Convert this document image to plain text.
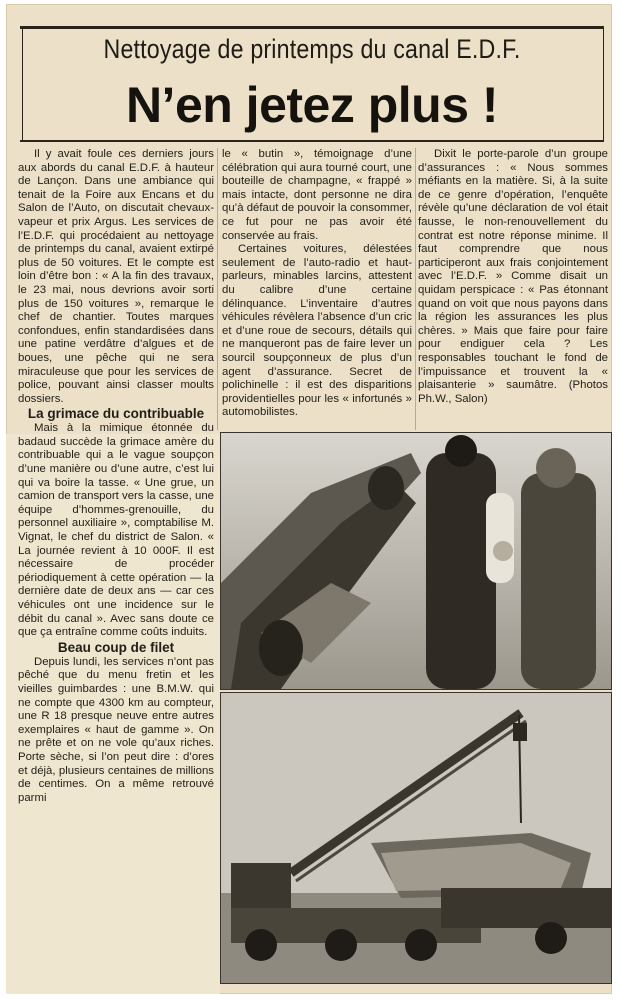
Nettoyage de printemps du canal E.D.F.
N’en jetez plus !

Il y avait foule ces derniers jours aux abords du canal E.D.F. à hauteur de Lançon. Dans une ambiance qui tenait de la Foire aux Encans et du Salon de l’Auto, on discutait chevaux-vapeur et prix Argus. Les services de l’E.D.F. qui procédaient au nettoyage de printemps du canal, avaient extirpé plus de 50 voitures. Et le compte est loin d’être bon : « A la fin des travaux, le 23 mai, nous devrions avoir sorti plus de 150 voitures », remarque le chef de chantier. Toutes marques confondues, enfin standardisées dans une patine verdâtre d’algues et de boues, une pêche qui ne sera miraculeuse que pour les services de police, pouvant ainsi classer moults dossiers.

La grimace du contribuable

Mais à la mimique étonnée du badaud succède la grimace amère du contribuable qui a le vague soupçon d’une manière ou d’une autre, c’est lui qui va boire la tasse. « Une grue, un camion de transport vers la casse, une équipe d’hommes-grenouille, du personnel auxiliaire », comptabilise M. Vignat, le chef du district de Salon. « La journée revient à 10 000F. Il est nécessaire de procéder périodiquement à cette opération — la dernière date de deux ans — car ces véhicules ont une incidence sur le débit du canal ». Avec sans doute ce que ça entraîne comme coûts induits.

Beau coup de filet

Depuis lundi, les services n’ont pas pêché que du menu fretin et les vieilles guimbardes : une B.M.W. qui ne compte que 4300 km au compteur, une R 18 presque neuve entre autres exemplaires « haut de gamme ». On ne prête et on ne vole qu’aux riches. Porte sèche, si l’on peut dire : d’ores et déjà, plusieurs centaines de millions de centimes. On a même retrouvé parmi

le « butin », témoignage d’une célébration qui aura tourné court, une bouteille de champagne, « frappé » mais intacte, dont personne ne dira qu’à défaut de pouvoir la consommer, ce fut pour ne pas avoir été conservée au frais.

Certaines voitures, délestées seulement de l’auto-radio et haut-parleurs, minables larcins, attestent du calibre d’une certaine délinquance. L’inventaire d’autres véhicules révèlera l’absence d’un cric et d’une roue de secours, détails qui ne manqueront pas de faire lever un sourcil soupçonneux de plus d’un agent d’assurance. Secret de polichinelle : il est des disparitions providentielles pour les « infortunés » automobilistes.

Dixit le porte-parole d’un groupe d’assurances : « Nous sommes méfiants en la matière. Si, à la suite de ce genre d’opération, l’enquête révèle qu’une déclaration de vol était fausse, le non-renouvellement du contrat est notre réponse minime. Il faut comprendre que nous participeront aux frais conjointement avec l’E.D.F. » Comme disait un quidam perspicace : « Pas étonnant quand on voit que nous payons dans la région les assurances les plus chères. » Mais que faire pour faire pour endiguer cela ? Les responsables touchant le fond de l’impuissance et trouvent la « plaisanterie » saumâtre. (Photos Ph.W., Salon)
